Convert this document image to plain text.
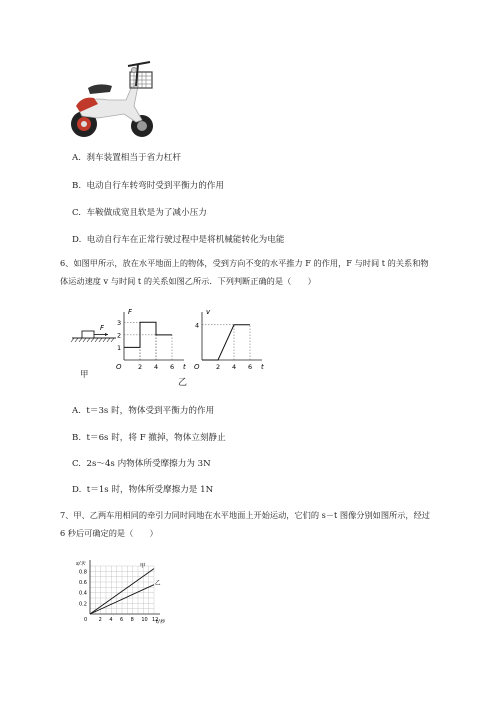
A. 刹车装置相当于省力杠杆
B. 电动自行车转弯时受到平衡力的作用
C. 车鞍做成宽且软是为了减小压力
D. 电动自行车在正常行驶过程中是将机械能转化为电能
6、如图甲所示，放在水平地面上的物体，受到方向不变的水平推力 F 的作用，F 与时间 t 的关系和物
体运动速度 v 与时间 t 的关系如图乙所示．下列判断正确的是（　　）
F
甲
F
t
O	2 4 6
1
2
3
v
t
O	2 4 6
4
乙
A. t＝3s 时，物体受到平衡力的作用
B. t＝6s 时，将 F 撤掉，物体立刻静止
C. 2s～4s 内物体所受摩擦力为 3N
D. t＝1s 时，物体所受摩擦力是 1N
7、甲、乙两车用相同的牵引力同时同地在水平地面上开始运动，它们的 s－t 图像分别如图所示，经过
6 秒后可确定的是（　　）
s/米
t/秒
0 2 4 6 8 10 12
0.2
0.4
0.6
0.8
甲
乙
